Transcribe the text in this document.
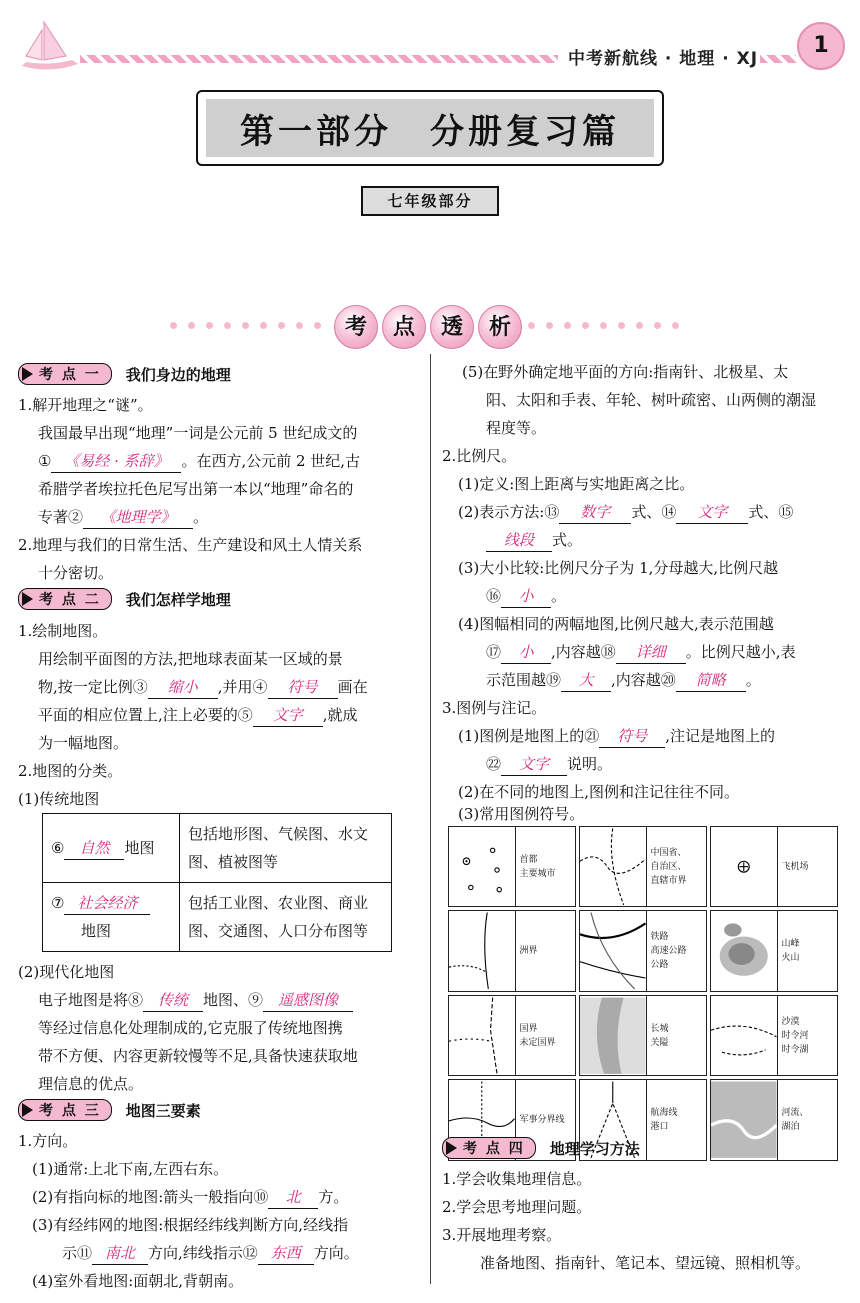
中考新航线 · 地理 · XJ
1
第一部分　分册复习篇
七年级部分
考	点	透	析
考 点 一 我们身边的地理
1.解开地理之“谜”。
我国最早出现“地理”一词是公元前 5 世纪成文的
① 《易经 · 系辞》 。在西方,公元前 2 世纪,古
希腊学者埃拉托色尼写出第一本以“地理”命名的
专著② 《地理学》 。
2.地理与我们的日常生活、生产建设和风土人情关系
十分密切。
考 点 二 我们怎样学地理
1.绘制地图。
用绘制平面图的方法,把地球表面某一区域的景
物,按一定比例③ 缩小 ,并用④ 符号 画在
平面的相应位置上,注上必要的⑤ 文字 ,就成
为一幅地图。
2.地图的分类。
(1)传统地图
⑥ 自然 地图	包括地形图、气候图、水文图、植被图等
⑦ 社会经济
地图	包括工业图、农业图、商业图、交通图、人口分布图等
(2)现代化地图
电子地图是将⑧ 传统 地图、⑨ 遥感图像
等经过信息化处理制成的,它克服了传统地图携
带不方便、内容更新较慢等不足,具备快速获取地
理信息的优点。
考 点 三 地图三要素
1.方向。
(1)通常:上北下南,左西右东。
(2)有指向标的地图:箭头一般指向⑩ 北 方。
(3)有经纬网的地图:根据经纬线判断方向,经线指
示⑪ 南北 方向,纬线指示⑫ 东西 方向。
(4)室外看地图:面朝北,背朝南。
(5)在野外确定地平面的方向:指南针、北极星、太
阳、太阳和手表、年轮、树叶疏密、山两侧的潮湿
程度等。
2.比例尺。
(1)定义:图上距离与实地距离之比。
(2)表示方法:⑬ 数字 式、⑭ 文字 式、⑮
线段 式。
(3)大小比较:比例尺分子为 1,分母越大,比例尺越
⑯ 小 。
(4)图幅相同的两幅地图,比例尺越大,表示范围越
⑰ 小 ,内容越⑱ 详细 。比例尺越小,表
示范围越⑲ 大 ,内容越⑳ 简略 。
3.图例与注记。
(1)图例是地图上的㉑ 符号 ,注记是地图上的
㉒ 文字 说明。
(2)在不同的地图上,图例和注记往往不同。
(3)常用图例符号。
首都
主要城市
中国省、
自治区、
直辖市界
飞机场
洲界
铁路
高速公路
公路
山峰
火山
国界
未定国界
长城
关隘
沙漠
时令河
时令湖
军事分界线
航海线
港口
河流、
湖泊
考 点 四 地理学习方法
1.学会收集地理信息。
2.学会思考地理问题。
3.开展地理考察。
准备地图、指南针、笔记本、望远镜、照相机等。
